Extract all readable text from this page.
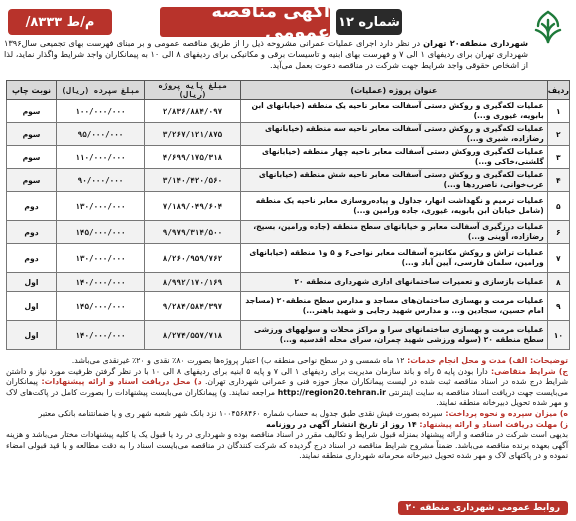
آگهی مناقصه عمومی شماره ۱۲
/۸۳۳۳ م/ط
شهرداری منطقه۲۰ تهران در نظر دارد اجرای عملیات عمرانی مشروحه ذیل را از طریق مناقصه عمومی و بر مبنای فهرست بهای تجمیعی سال۱۳۹۶ شهرداری تهران برای ردیفهای ۱ الی ۷ و فهرست بهای ابنیه و تاسیسات برقی و مکانیکی برای ردیفهای ۸ الی ۱۰ به پیمانکاران واجد شرایط واگذار نماید، لذا از اشخاص حقوقی واجد شرایط جهت شرکت در مناقصه دعوت بعمل می‌آید.
ردیف	عنوان پروژه (عملیات)	مبلغ پایه پروژه (ریال)	مبلغ سپرده (ریال)	نوبت چاپ
۱	عملیات لکه‌گیری و روکش دستی آسفالت معابر ناحیه یک منطقه (خیابانهای ابن بابویه، غیوری و...)	۲/۸۳۶/۸۸۴/۰۹۷	۱۰۰/۰۰۰/۰۰۰	سوم
۲	عملیات لکه‌گیری و روکش دستی آسفالت معابر ناحیه سه منطقه (خیابانهای رضازاده، شیری و...)	۳/۲۶۷/۱۲۱/۸۷۵	۹۵/۰۰۰/۰۰۰	سوم
۳	عملیات لکه‌گیری وروکش دستی آسفالت معابر ناحیه چهار منطقه (خیابانهای گلشنی،خاکی و...)	۴/۶۹۹/۱۷۵/۳۱۸	۱۱۰/۰۰۰/۰۰۰	سوم
۴	عملیات لکه‌گیری و روکش دستی آسفالت معابر ناحیه شش منطقه (خیابانهای عرب‌خوانی، ناصرردها و...)	۳/۱۴۰/۴۲۰/۵۶۰	۹۰/۰۰۰/۰۰۰	سوم
۵	عملیات ترمیم و نگهداشت انهار، جداول و پیاده‌روسازی معابر ناحیه یک منطقه (شامل خیابان ابن بابویه، غیوری، جاده ورامین و...)	۷/۱۸۹/۰۴۹/۶۰۴	۱۳۰/۰۰۰/۰۰۰	دوم
۶	عملیات درزگیری آسفالت معابر و خیابانهای سطح منطقه (جاده ورامین، بسیج، رضازاده، آوینی و...)	۹/۹۷۹/۳۱۴/۵۰۰	۱۴۵/۰۰۰/۰۰۰	دوم
۷	عملیات تراش و روکش مکانیزه آسفالت معابر نواحی۶ و ۵ و۱ منطقه (خیابانهای ورامین، سلمان فارسی، آیین آباد و...)	۸/۲۶۰/۹۵۹/۷۶۲	۱۳۰/۰۰۰/۰۰۰	دوم
۸	عملیات بازسازی و تعمیرات ساختمانهای اداری شهرداری منطقه ۲۰	۸/۹۹۲/۱۷۰/۱۶۹	۱۴۰/۰۰۰/۰۰۰	اول
۹	عملیات مرمت و بهسازی ساختمان‌های مساجد و مدارس سطح منطقه۲۰ (مساجد امام حسین، سجادین و... و مدارس شهید رجایی و شهید باهنر...)	۹/۲۸۴/۵۸۴/۳۹۷	۱۴۵/۰۰۰/۰۰۰	اول
۱۰	عملیات مرمت و بهسازی ساختمانهای سرا و مراکز محلات و سولههای ورزشی سطح منطقه ۲۰ (سوله ورزشی شهید چمران، سرای محله اقدسیه و...)	۸/۲۷۴/۵۵۷/۷۱۸	۱۴۰/۰۰۰/۰۰۰	اول

توضیحات: الف) مدت و محل انجام خدمات: ۱۲ ماه شمسی و در سطح نواحی منطقه ب) اعتبار پروژه‌ها بصورت ۸۰٪ نقدی و ۲۰٪ غیرنقدی می‌باشد.

ج) شرایط متقاضی: دارا بودن پایه ۵ راه و باند سازمان مدیریت برای ردیفهای ۱ الی ۷ و پایه ۵ ابنیه برای ردیفهای ۸ الی ۱۰ با در نظر گرفتن ظرفیت مورد نیاز و داشتن شرایط درج شده در اسناد مناقصه ثبت شده در لیست پیمانکاران مجاز حوزه فنی و عمرانی شهرداری تهران. د) محل دریافت اسناد و ارائه پیشنهادات: پیمانکاران می‌بایست جهت دریافت اسناد مناقصه به سایت اینترنتی http://region20.tehran.ir مراجعه نمایند. و) پیمانکاران می‌بایست پیشنهادات را بصورت کامل در پاکت‌های لاک و مهر شده تحویل دبیرخانه منطقه نمایند.

ه) میزان سپرده و نحوه پرداخت: سپرده بصورت فیش نقدی طبق جدول به حساب شماره ۱۰۰۴۵۶۸۴۶۰ نزد بانک شهر شعبه شهر ری و یا ضمانتنامه بانکی معتبر

ز) مهلت دریافت اسناد و ارائه پیشنهاد: ۱۴ روز از تاریخ انتشار آگهی در روزنامه

بدیهی است شرکت در مناقصه و ارائه پیشنهاد بمنزله قبول شرایط و تکالیف مقرر در اسناد مناقصه بوده و شهرداری در رد یا قبول یک یا کلیه پیشنهادات مختار می‌باشد و هزینه آگهی بعهده برنده مناقصه می‌باشد. ضمناً مشروح شرایط مناقصه در اسناد درج گردیده که شرکت کنندگان در مناقصه می‌بایست اسناد را به دقت مطالعه و با قید قبولی امضاء نموده و در پاکتهای لاک و مهر شده تحویل دبیرخانه محرمانه شهرداری منطقه نمایند.

روابط عمومی شهرداری منطقه ۲۰
